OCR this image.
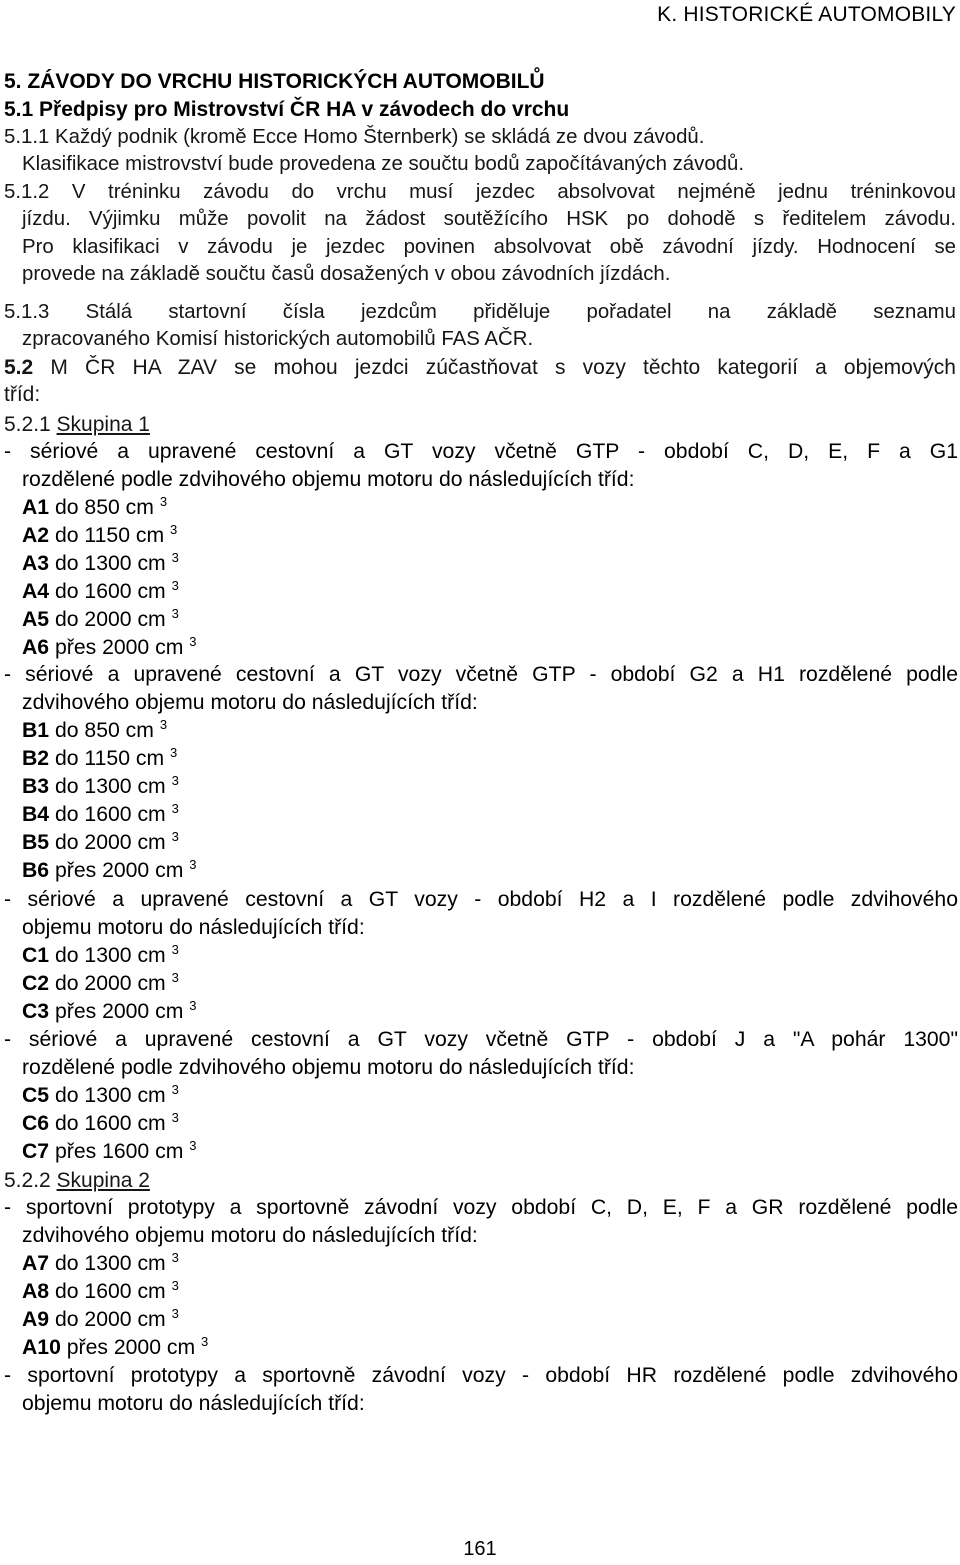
K. HISTORICKÉ AUTOMOBILY
5. ZÁVODY DO VRCHU HISTORICKÝCH AUTOMOBILŮ
5.1 Předpisy pro Mistrovství ČR HA v závodech do vrchu

5.1.1 Každý podnik (kromě Ecce Homo Šternberk) se skládá ze dvou závodů.

Klasifikace mistrovství bude provedena ze součtu bodů započítávaných závodů.

5.1.2 V tréninku závodu do vrchu musí jezdec absolvovat nejméně jednu tréninkovou

jízdu. Výjimku může povolit na žádost soutěžícího HSK po dohodě s ředitelem závodu.

Pro klasifikaci v závodu je jezdec povinen absolvovat obě závodní jízdy. Hodnocení se

provede na základě součtu časů dosažených v obou závodních jízdách.

5.1.3 Stálá startovní čísla jezdcům přiděluje pořadatel na základě seznamu

zpracovaného Komisí historických automobilů FAS AČR.

5.2 M ČR HA ZAV se mohou jezdci zúčastňovat s vozy těchto kategorií a objemových

tříd:

5.2.1 Skupina 1

- sériové a upravené cestovní a GT vozy včetně GTP - období C, D, E, F a G1
rozdělené podle zdvihového objemu motoru do následujících tříd:
A1 do 850 cm $^3$
A2 do 1150 cm $^3$
A3 do 1300 cm $^3$
A4 do 1600 cm $^3$
A5 do 2000 cm $^3$
A6 přes 2000 cm $^3$
- sériové a upravené cestovní a GT vozy včetně GTP - období G2 a H1 rozdělené podle
zdvihového objemu motoru do následujících tříd:
B1 do 850 cm $^3$
B2 do 1150 cm $^3$
B3 do 1300 cm $^3$
B4 do 1600 cm $^3$
B5 do 2000 cm $^3$
B6 přes 2000 cm $^3$
- sériové a upravené cestovní a GT vozy - období H2 a I rozdělené podle zdvihového
objemu motoru do následujících tříd:
C1 do 1300 cm $^3$
C2 do 2000 cm $^3$
C3 přes 2000 cm $^3$
- sériové a upravené cestovní a GT vozy včetně GTP - období J a "A pohár 1300"
rozdělené podle zdvihového objemu motoru do následujících tříd:
C5 do 1300 cm $^3$
C6 do 1600 cm $^3$
C7 přes 1600 cm $^3$

5.2.2 Skupina 2

- sportovní prototypy a sportovně závodní vozy období C, D, E, F a GR rozdělené podle
zdvihového objemu motoru do následujících tříd:
A7 do 1300 cm $^3$
A8 do 1600 cm $^3$
A9 do 2000 cm $^3$
A10 přes 2000 cm $^3$
- sportovní prototypy a sportovně závodní vozy - období HR rozdělené podle zdvihového
objemu motoru do následujících tříd:
161
